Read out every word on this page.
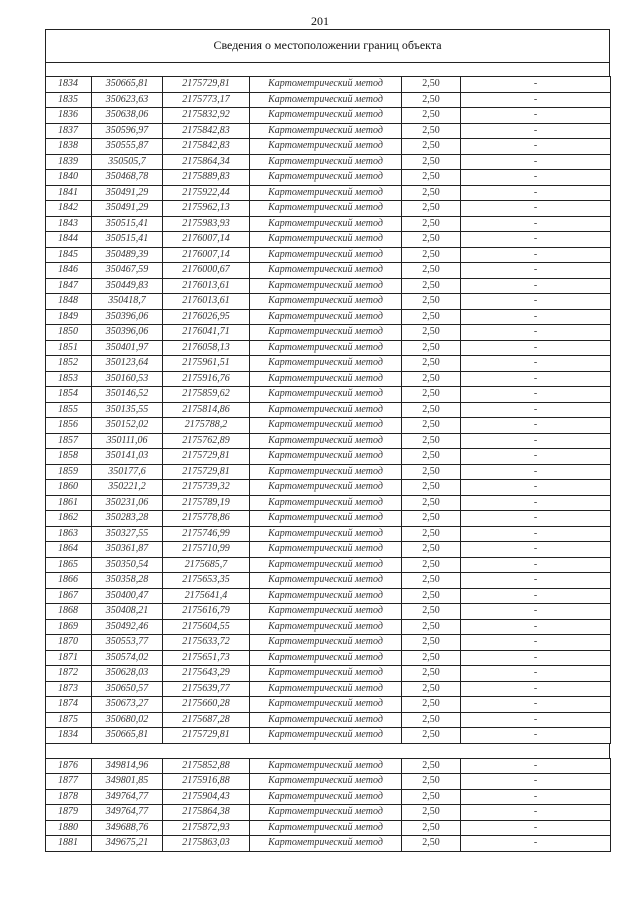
201
Сведения о местоположении границ объекта
1834	350665,81	2175729,81	Картометрический метод	2,50	-
1835	350623,63	2175773,17	Картометрический метод	2,50	-
1836	350638,06	2175832,92	Картометрический метод	2,50	-
1837	350596,97	2175842,83	Картометрический метод	2,50	-
1838	350555,87	2175842,83	Картометрический метод	2,50	-
1839	350505,7	2175864,34	Картометрический метод	2,50	-
1840	350468,78	2175889,83	Картометрический метод	2,50	-
1841	350491,29	2175922,44	Картометрический метод	2,50	-
1842	350491,29	2175962,13	Картометрический метод	2,50	-
1843	350515,41	2175983,93	Картометрический метод	2,50	-
1844	350515,41	2176007,14	Картометрический метод	2,50	-
1845	350489,39	2176007,14	Картометрический метод	2,50	-
1846	350467,59	2176000,67	Картометрический метод	2,50	-
1847	350449,83	2176013,61	Картометрический метод	2,50	-
1848	350418,7	2176013,61	Картометрический метод	2,50	-
1849	350396,06	2176026,95	Картометрический метод	2,50	-
1850	350396,06	2176041,71	Картометрический метод	2,50	-
1851	350401,97	2176058,13	Картометрический метод	2,50	-
1852	350123,64	2175961,51	Картометрический метод	2,50	-
1853	350160,53	2175916,76	Картометрический метод	2,50	-
1854	350146,52	2175859,62	Картометрический метод	2,50	-
1855	350135,55	2175814,86	Картометрический метод	2,50	-
1856	350152,02	2175788,2	Картометрический метод	2,50	-
1857	350111,06	2175762,89	Картометрический метод	2,50	-
1858	350141,03	2175729,81	Картометрический метод	2,50	-
1859	350177,6	2175729,81	Картометрический метод	2,50	-
1860	350221,2	2175739,32	Картометрический метод	2,50	-
1861	350231,06	2175789,19	Картометрический метод	2,50	-
1862	350283,28	2175778,86	Картометрический метод	2,50	-
1863	350327,55	2175746,99	Картометрический метод	2,50	-
1864	350361,87	2175710,99	Картометрический метод	2,50	-
1865	350350,54	2175685,7	Картометрический метод	2,50	-
1866	350358,28	2175653,35	Картометрический метод	2,50	-
1867	350400,47	2175641,4	Картометрический метод	2,50	-
1868	350408,21	2175616,79	Картометрический метод	2,50	-
1869	350492,46	2175604,55	Картометрический метод	2,50	-
1870	350553,77	2175633,72	Картометрический метод	2,50	-
1871	350574,02	2175651,73	Картометрический метод	2,50	-
1872	350628,03	2175643,29	Картометрический метод	2,50	-
1873	350650,57	2175639,77	Картометрический метод	2,50	-
1874	350673,27	2175660,28	Картометрический метод	2,50	-
1875	350680,02	2175687,28	Картометрический метод	2,50	-
1834	350665,81	2175729,81	Картометрический метод	2,50	-
1876	349814,96	2175852,88	Картометрический метод	2,50	-
1877	349801,85	2175916,88	Картометрический метод	2,50	-
1878	349764,77	2175904,43	Картометрический метод	2,50	-
1879	349764,77	2175864,38	Картометрический метод	2,50	-
1880	349688,76	2175872,93	Картометрический метод	2,50	-
1881	349675,21	2175863,03	Картометрический метод	2,50	-
